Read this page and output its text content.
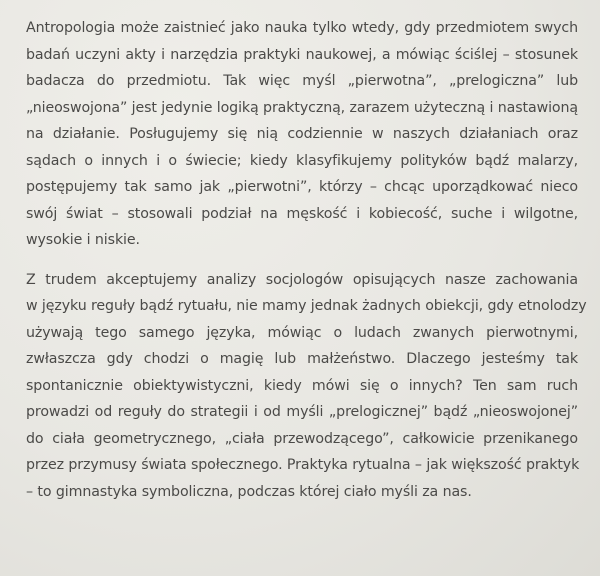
Antropologia może zaistnieć jako nauka tylko wtedy, gdy przedmiotem swych
badań uczyni akty i narzędzia praktyki naukowej, a mówiąc ściślej – stosunek
badacza do przedmiotu. Tak więc myśl „pierwotna”, „prelogiczna” lub
„nieoswojona” jest jedynie logiką praktyczną, zarazem użyteczną i nastawioną
na działanie. Posługujemy się nią codziennie w naszych działaniach oraz
sądach o innych i o świecie; kiedy klasyfikujemy polityków bądź malarzy,
postępujemy tak samo jak „pierwotni”, którzy – chcąc uporządkować nieco
swój świat – stosowali podział na męskość i kobiecość, suche i wilgotne,
wysokie i niskie.

Z trudem akceptujemy analizy socjologów opisujących nasze zachowania
w języku reguły bądź rytuału, nie mamy jednak żadnych obiekcji, gdy etnolodzy
używają tego samego języka, mówiąc o ludach zwanych pierwotnymi,
zwłaszcza gdy chodzi o magię lub małżeństwo. Dlaczego jesteśmy tak
spontanicznie obiektywistyczni, kiedy mówi się o innych? Ten sam ruch
prowadzi od reguły do strategii i od myśli „prelogicznej” bądź „nieoswojonej”
do ciała geometrycznego, „ciała przewodzącego”, całkowicie przenikanego
przez przymusy świata społecznego. Praktyka rytualna – jak większość praktyk
– to gimnastyka symboliczna, podczas której ciało myśli za nas.
